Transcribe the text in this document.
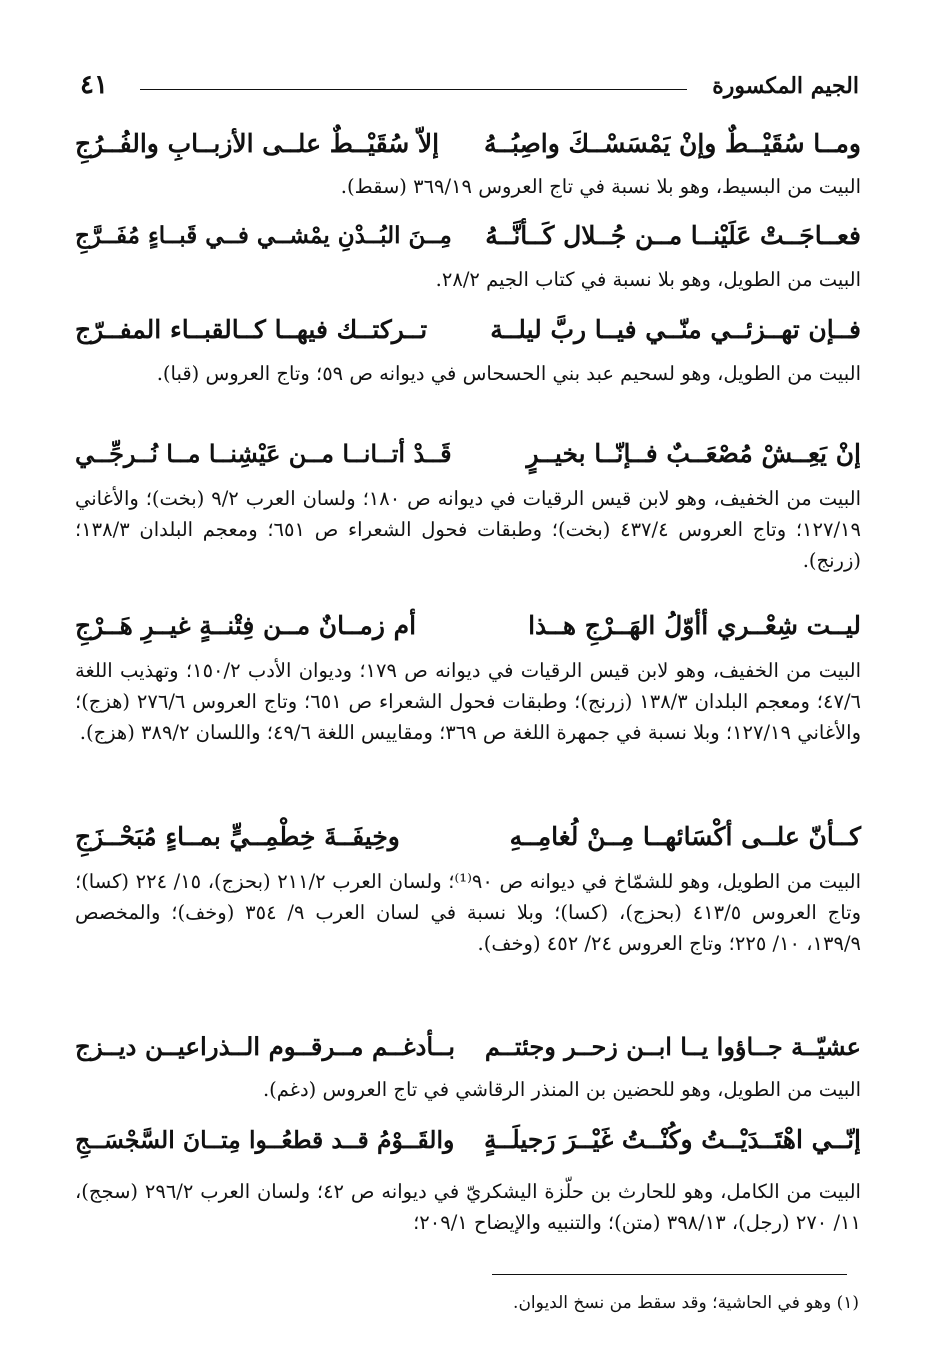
٤١	الجيم المكسورة
ومــا سُقَيْــطٌ وإنْ يَمْسَسْــكَ واصِبُــهُ
إلاّ سُقَيْــطٌ علــى الأزبــابِ والفُــرُجِ

البيت من البسيط، وهو بلا نسبة في تاج العروس ٣٦٩/١٩ (سقط).

فعــاجَــتْ عَلَيْنــا مــن جُــلال كَــأنَّــهُ
مِــنَ البُــدْنِ يمْشــي فــي قَبــاءٍ مُفَــرَّجِ

البيت من الطويل، وهو بلا نسبة في كتاب الجيم ٢٨/٢.

فــإن تهــزئــي منّــي فيــا ربَّ ليلــة
تــركتــك فيهــا كــالقبــاء المفــرّج

البيت من الطويل، وهو لسحيم عبد بني الحسحاس في ديوانه ص ٥٩؛ وتاج العروس (قبا).

إنْ يَعِــشْ مُصْعَــبٌ فــإنّــا بخيــرٍ
قَــدْ أتــانــا مــن عَيْشِنــا مــا نُــرجِّــي

البيت من الخفيف، وهو لابن قيس الرقيات في ديوانه ص ١٨٠؛ ولسان العرب ٩/٢ (بخت)؛ والأغاني ١٢٧/١٩؛ وتاج العروس ٤٣٧/٤ (بخت)؛ وطبقات فحول الشعراء ص ٦٥١؛ ومعجم البلدان ١٣٨/٣؛ (زرنج).

ليــت شِعْــري أأوّلُ الهَــرْجِ هــذا
أم زمــانٌ مــن فِتْنــةٍ غيــرِ هَــرْجِ

البيت من الخفيف، وهو لابن قيس الرقيات في ديوانه ص ١٧٩؛ وديوان الأدب ١٥٠/٢؛ وتهذيب اللغة ٤٧/٦؛ ومعجم البلدان ١٣٨/٣ (زرنج)؛ وطبقات فحول الشعراء ص ٦٥١؛ وتاج العروس ٢٧٦/٦ (هزج)؛ والأغاني ١٢٧/١٩؛ وبلا نسبة في جمهرة اللغة ص ٣٦٩؛ ومقاييس اللغة ٤٩/٦؛ واللسان ٣٨٩/٢ (هزج).

كــأنّ علــى أكْسَائهــا مِــنْ لُغامِــهِ
وخِيفَــةَ خِطْمِــيٍّ بمــاءٍ مُبَحْــزَجِ

البيت من الطويل، وهو للشمّاخ في ديوانه ص ٩٠⁽¹⁾؛ ولسان العرب ٢١١/٢ (بحزج)، ١٥/ ٢٢٤ (كسا)؛ وتاج العروس ٤١٣/٥ (بحزج)، (كسا)؛ وبلا نسبة في لسان العرب ٩/ ٣٥٤ (وخف)؛ والمخصص ١٣٩/٩، ١٠/ ٢٢٥؛ وتاج العروس ٢٤/ ٤٥٢ (وخف).

عشيّــة جــاؤوا يــا ابــن زحــر وجئتــم
بــأدغــم مــرقــوم الــذراعيــن ديــزج

البيت من الطويل، وهو للحضين بن المنذر الرقاشي في تاج العروس (دغم).

إنّــي اهْتَــدَيْــتُ وكُنْــتُ غَيْــرَ رَجيلَــةٍ
والقَــوْمُ قــد قطعُــوا مِتــانَ السَّجْسَــجِ

البيت من الكامل، وهو للحارث بن حلّزة اليشكريّ في ديوانه ص ٤٢؛ ولسان العرب ٢٩٦/٢ (سجج)، ١١/ ٢٧٠ (رجل)، ٣٩٨/١٣ (متن)؛ والتنبيه والإيضاح ٢٠٩/١؛

(١) وهو في الحاشية؛ وقد سقط من نسخ الديوان.
